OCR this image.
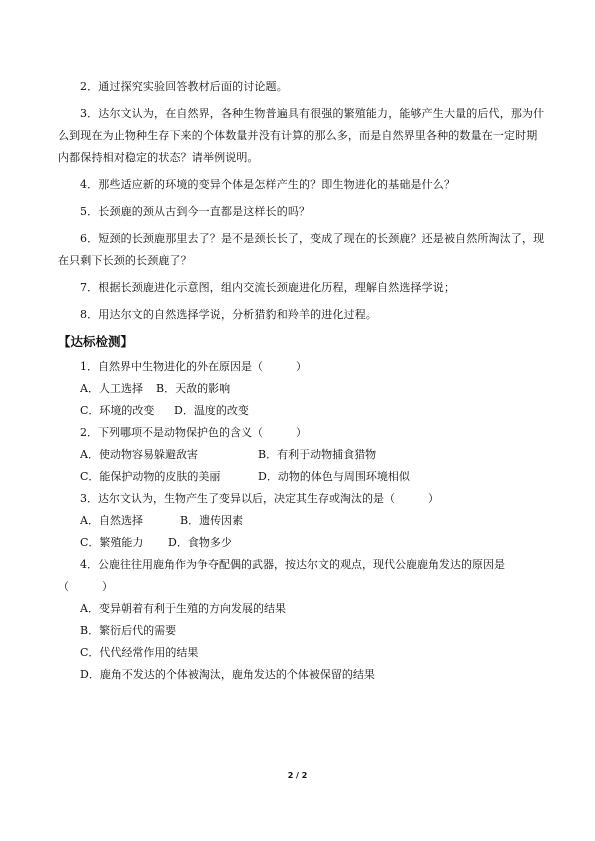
2．通过探究实验回答教材后面的讨论题。

3．达尔文认为，在自然界，各种生物普遍具有很强的繁殖能力，能够产生大量的后代，那为什么到现在为止物种生存下来的个体数量并没有计算的那么多，而是自然界里各种的数量在一定时期内都保持相对稳定的状态？请举例说明。

4．那些适应新的环境的变异个体是怎样产生的？即生物进化的基础是什么？

5．长颈鹿的颈从古到今一直都是这样长的吗？

6．短颈的长颈鹿那里去了？是不是颈长长了，变成了现在的长颈鹿？还是被自然所淘汰了，现在只剩下长颈的长颈鹿了？

7．根据长颈鹿进化示意图，组内交流长颈鹿进化历程，理解自然选择学说；

8．用达尔文的自然选择学说，分析猎豹和羚羊的进化过程。

【达标检测】

1．自然界中生物进化的外在原因是（　　　）

A．人工选择 B．天敌的影响

C．环境的改变 D．温度的改变

2．下列哪项不是动物保护色的含义（　　　）

A．使动物容易躲避敌害	B．有利于动物捕食猎物

C．能保护动物的皮肤的美丽	D．动物的体色与周围环境相似

3．达尔文认为，生物产生了变异以后，决定其生存或淘汰的是（　　　）

A．自然选择	B．遗传因素

C．繁殖能力 D．食物多少

4．公鹿往往用鹿角作为争夺配偶的武器，按达尔文的观点，现代公鹿鹿角发达的原因是（　　　）

A．变异朝着有利于生殖的方向发展的结果

B．繁衍后代的需要

C．代代经常作用的结果

D．鹿角不发达的个体被淘汰，鹿角发达的个体被保留的结果

2 / 2
